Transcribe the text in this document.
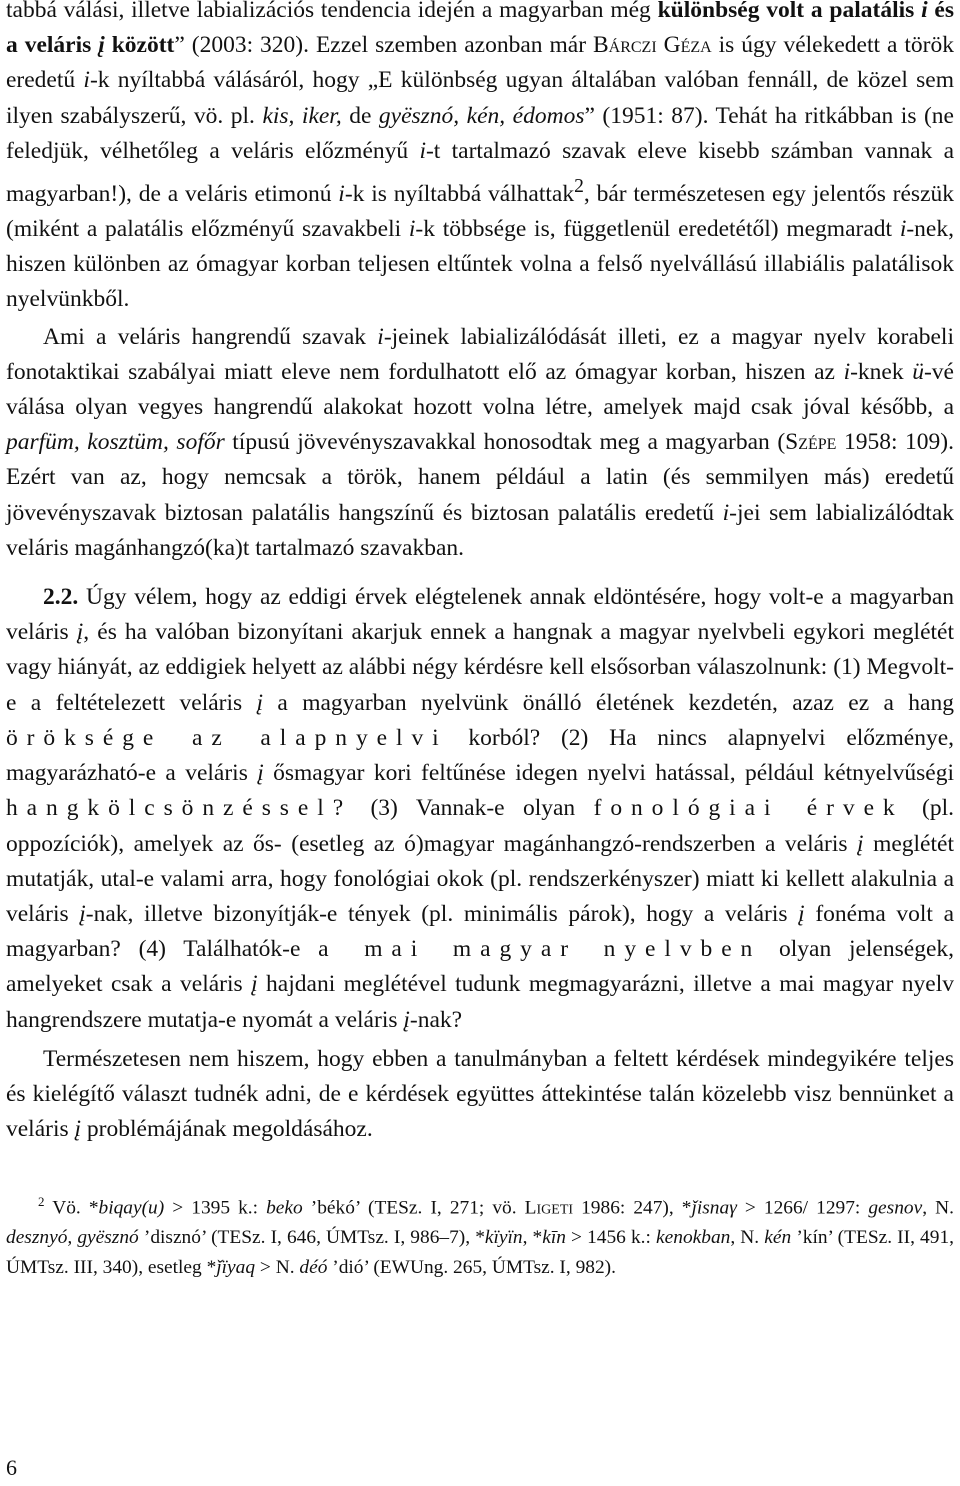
tabbá válási, illetve labializációs tendencia idején a magyarban még különbség volt a palatális i és a veláris į között” (2003: 320). Ezzel szemben azonban már Bárczi Géza is úgy vélekedett a török eredetű i-k nyíltabbá válásáról, hogy „E különbség ugyan általában valóban fennáll, de közel sem ilyen szabályszerű, vö. pl. kis, iker, de gyësznó, kén, édomos” (1951: 87). Tehát ha ritkábban is (ne feledjük, vélhetőleg a veláris előzményű i-t tartalmazó szavak eleve kisebb számban vannak a magyarban!), de a veláris etimonú i-k is nyíltabbá válhattak$^2$, bár természetesen egy jelentős részük (miként a palatális előzményű szavakbeli i-k többsége is, függetlenül eredetétől) megmaradt i-nek, hiszen különben az ómagyar korban teljesen eltűntek volna a felső nyelvállású illabiális palatálisok nyelvünkből.

Ami a veláris hangrendű szavak i-jeinek labializálódását illeti, ez a magyar nyelv korabeli fonotaktikai szabályai miatt eleve nem fordulhatott elő az ómagyar korban, hiszen az i-knek ü-vé válása olyan vegyes hangrendű alakokat hozott volna létre, amelyek majd csak jóval később, a parfüm, kosztüm, sofőr típusú jövevényszavakkal honosodtak meg a magyarban (Szépe 1958: 109). Ezért van az, hogy nemcsak a török, hanem például a latin (és semmilyen más) eredetű jövevényszavak biztosan palatális hangszínű és biztosan palatális eredetű i-jei sem labializálódtak veláris magánhangzó(ka)t tartalmazó szavakban.

2.2. Úgy vélem, hogy az eddigi érvek elégtelenek annak eldöntésére, hogy volt-e a magyarban veláris į, és ha valóban bizonyítani akarjuk ennek a hangnak a magyar nyelvbeli egykori meglétét vagy hiányát, az eddigiek helyett az alábbi négy kérdésre kell elsősorban válaszolnunk: (1) Megvolt-e a feltételezett veláris į a magyarban nyelvünk önálló életének kezdetén, azaz ez a hang öröksége az alapnyelvi korból? (2) Ha nincs alapnyelvi előzménye, magyarázható-e a veláris į ősmagyar kori feltűnése idegen nyelvi hatással, például kétnyelvűségi hangkölcsönzéssel? (3) Vannak-e olyan fonológiai érvek (pl. oppozíciók), amelyek az ős- (esetleg az ó)magyar magánhangzó-rendszerben a veláris į meglétét mutatják, utal-e valami arra, hogy fonológiai okok (pl. rendszerkényszer) miatt ki kellett alakulnia a veláris į-nak, illetve bizonyítják-e tények (pl. minimális párok), hogy a veláris į fonéma volt a magyarban? (4) Találhatók-e a mai magyar nyelvben olyan jelenségek, amelyeket csak a veláris į hajdani meglétével tudunk megmagyarázni, illetve a mai magyar nyelv hangrendszere mutatja-e nyomát a veláris į-nak?

Természetesen nem hiszem, hogy ebben a tanulmányban a feltett kérdések mindegyikére teljes és kielégítő választ tudnék adni, de e kérdések együttes áttekintése talán közelebb visz bennünket a veláris į problémájának megoldásához.

$^2$ Vö. *biqay(u) > 1395 k.: beko ’békó’ (TESz. I, 271; vö. Ligeti 1986: 247), *ǰisnaγ > 1266/ 1297: gesnov, N. desznyó, gyësznó ’disznó’ (TESz. I, 646, ÚMTsz. I, 986–7), *kïyïn, *kīn > 1456 k.: kenokban, N. kén ’kín’ (TESz. II, 491, ÚMTsz. III, 340), esetleg *ǰïyaq > N. déó ’dió’ (EWUng. 265, ÚMTsz. I, 982).

6
